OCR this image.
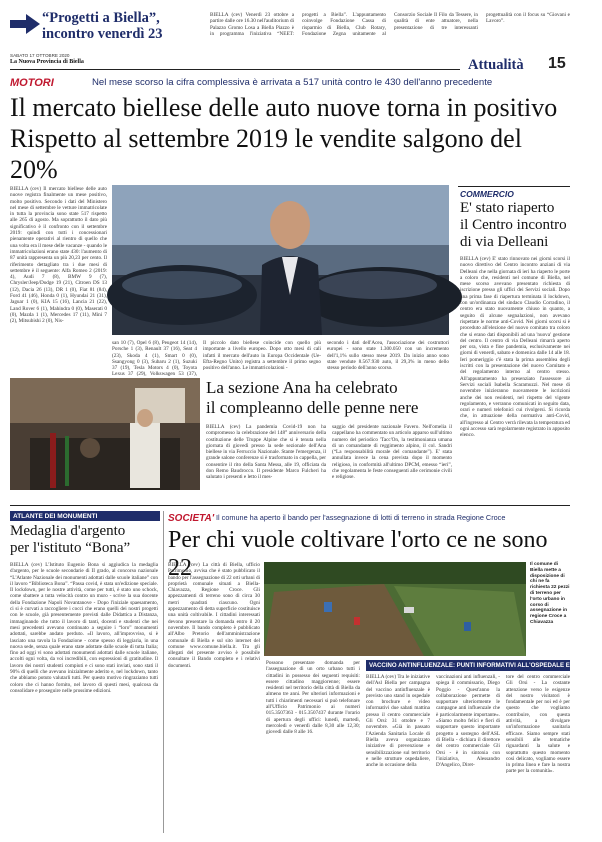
“Progetti a Biella”,
incontro venerdì 23
BIELLA (cev) Venerdì 23 ottobre a partire dalle ore 16.30 nell'auditorium di Palazzo Gromo Losa a Biella Piazzo è in programma l'iniziativa “NEET: progetti a Biella”. L'appuntamento coinvolge Fondazione Cassa di risparmio di Biella, Club Rotary, Fondazione Zegna unitamente al Consorzio Sociale Il Filo da Tessere, in qualità di ente attuatore, nella presentazione di tre interessanti progettualità con il focus su “Giovani e Lavoro”.
SABATO 17 OTTOBRE 2020
La Nuova Provincia di Biella	Attualità 15
MOTORI	Nel mese scorso la cifra complessiva è arrivata a 517 unità contro le 430 dell'anno precedente
Il mercato biellese delle auto nuove torna in positivo
Rispetto al settembre 2019 le vendite salgono del 20%
BIELLA (cev) Il mercato biellese delle auto nuove registra finalmente un mese positivo, molto positivo. Secondo i dati del Ministero nel mese di settembre le vetture immatricolate in tutta la provincia sono state 517 rispetto alle 265 di agosto. Ma soprattutto il dato più significativo è il confronto con il settembre 2019: quindi con tutti i concessionari pienamente operativi al rientro di quello che una volta era il mese delle vacanze - quando le immatricolazioni erano state 430: l'aumento di 87 unità rappresenta un più 20,23 per cento. Il riferimento dettagliato tra i due mesi di settembre è il seguente: Alfa Romeo 2 (2019: 4), Audi 7 (8), BMW 9 (7), Chrysler/Jeep/Dodge 19 (21), Citroen DS 13 (12), Dacia 26 (13), DR 1 (0), Fiat 81 (84), Ford 41 (46), Honda 0 (1), Hyundai 21 (31), Jaguar 1 (0), KIA 15 (16), Lancia 21 (22), Land Rover 6 (1), Mahindra 0 (0), Maserati 0 (0), Mazda 1 (1), Mercedes 17 (11), Mini 7 (2), Mitsubishi 2 (0), Nis-
san 10 (7), Opel 6 (8), Peugeot 14 (14), Porsche 1 (3), Renault 37 (16), Seat 4 (23), Skoda 4 (1), Smart 0 (0), Ssangyong 0 (3), Subaru 2 (1), Suzuki 37 (19), Tesla Motors 4 (0), Toyota Lexus 37 (29), Volkswagen 53 (37),
Il piccolo dato biellese coincide con quello più importante a livello europeo. Dopo otto mesi di cali infatti il mercato dell'auto in Europa Occidentale (Ue-Efta-Regno Unito) registra a settembre il primo segno positivo dell'anno. Le immatricolazioni -
secondo i dati dell'Acea, l'associazione dei costruttori europei - sono state 1.300.050 con un incremento dell'1,1% sullo stesso mese 2019. Da inizio anno sono state vendute 8.567.930 auto, il 29,3% in meno dello stesso periodo dell'anno scorso.
COMMERCIO
E' stato riaperto
il Centro incontro
di via Delleani
BIELLA (cev) E' stato rinnovato nei giorni scorsi il nuovo direttivo del Centro incontro anziani di via Delleani che nella giornata di ieri ha riaperto le porte a coloro che, residenti nel comune di Biella, nel mese scorso avevano presentato richiesta di iscrizione presso gli uffici dei Servizi sociali. Dopo una prima fase di riapertura terminata il lockdown, con un'ordinanza del sindaco Claudio Corradino, il centro era stato nuovamente chiuso in quanto, a seguito di alcune segnalazioni, non avevano rispettate le norme anti-Covid. Nei giorni scorsi si è proceduto all'elezione del nuovo comitato tra coloro che si erano dati disponibili ad una 'nuova' gestione del centro. Il centro di via Delleani rimarrà aperto per ora, vista e fine pandemia, esclusivamente nei giorni di venerdì, sabato e domenica dalle 14 alle 18. Ieri pomeriggio c'è stata la prima assemblea degli iscritti con la presentazione del nuovo Comitato e del regolamento interno al centro stesso. All'appuntamento ha presenziato l'assessore ai Servizi sociali Isabella Scaramuzzi. Nel mese di novembre inizieranno nuovamente le iscrizioni anche dei non residenti, nel rispetto del vigente regolamento, e verranno comunicati in seguito data, orari e numeri telefonici cui rivolgersi. Si ricorda che, in attuazione della normativa anti-Covid, all'ingresso al Centro verrà rilevata la temperatura ed ogni accesso sarà regolarmente registrato in apposito elenco.
La sezione Ana ha celebrato
il compleanno delle penne nere
BIELLA (cev) La pandemia Covid-19 non ha compromesso la celebrazione del 148° anniversario della costituzione delle Truppe Alpine che si è tenuta nella giornata di giovedì presso la sede sezionale dell'Ana biellese in via Ferruccio Nazionale. Stante l'emergenza, il grande salone conferenze si è trasformato in cappella, per consentire il rito della Santa Messa, alle 19, officiata da don Remo Baudrocco. Il presidente Marco Fulcheri ha salutato i presenti e letto il mes-
saggio del presidente nazionale Favero. Nell'omelia il cappellano ha commentato un articolo apparso sull'ultimo numero del periodico 'Tacc'On, la testimonianza umana di un comandante di reggimento alpino, il col. Sandri (“La responsabilità morale del comandante”). E' stata annullata invece la cena prevista dopo il momento religioso, in conformità all'ultimo DPCM, emesso “ieri”, che regolamenta le feste conseguenti alle cerimonie civili e religiose.
ATLANTE DEI MONUMENTI
Medaglia d'argento
per l'istituto “Bona”
BIELLA (cev) L'Istituto Eugenio Bona si aggiudica la medaglia d'argento, per le scuole secondarie di II grado, al concorso nazionale “L'Atlante Nazionale dei monumenti adottati dalle scuole italiane” con il lavoro “Biblioteca Bona”. “Passa covid, è stata un'edizione speciale. Il lockdown, per le nostre attività, come per tutti, è stato uno schock, come sbattere a tutta velocità contro un muro - scrive la sua docente della Fondazione Napoli Novantanove - Dopo l'iniziale spaesamento, ci si è curvati a raccogliere i cocci che erano quelli dei nostri progetti con le scuole, già presentemente previsti dalle Didattica a Distanza, immaginando che tutto il lavoro di tanti, docenti e studenti che nei mesi precedenti avevano continuato a seguire i “loro” monumenti adottati, sarebbe andato perduto. «Il lavoro, all'improvviso, si è lasciato una tavola la Fondazione - come spesso di leggiaria, in una nuova sede, senza quale erano state adottate dalle scuole di tutta Italia; fino ad oggi vi sono adottati monumenti adottati dalle scuole italiane, accolti ogni volta, da voi incredibili, con espressioni di gratitudine. Il lavoro dei nostri studenti compiuti e ci sono stati inviati, sono stati il 90% di quelli che avevano inizialmente aderito e, nel lockdown, tanto che abbiamo potuto valutarli tutti. Per questo motivo ringraziamo tutti coloro che ci hanno fornito, nel lavoro di questi mesi, qualcosa da consolidare e proseguire nelle prossime edizioni.
SOCIETA' Il comune ha aperto il bando per l'assegnazione di lotti di terreno in strada Regione Croce
Per chi vuole coltivare l'orto ce ne sono 22
BIELLA (cev) La città di Biella, ufficio Patrimonio, avvisa che è stato pubblicato il bando per l'assegnazione di 22 orti urbani di proprietà comunale situati a Biella-Chiavazza, Regione Croce. Gli appezzamenti di terreno sono di circa 30 metri quadrati ciascuno. Ogni appezzamento di detta superficie costituisce una unità coltivabile. I cittadini interessati devono presentare la domanda entro il 20 novembre. Il bando completo è pubblicato all'Albo Pretorio dell'amministrazione comunale di Biella e sul sito internet del comune www.comune.biella.it. Tra gli allegati del presente avviso è possibile consultare il Bando completo e i relativi documenti.	Possono presentare domanda per l'assegnazione di un orto urbano tutti i cittadini in possesso dei seguenti requisiti: essere cittadino maggiorenne; essere residenti nel territorio della città di Biella da almeno tre anni. Per ulteriori informazioni e tutti i chiarimenti necessari si può telefonare all'Ufficio Patrimonio ai numeri 015.3507363 - 015.3507437 durante l'orario di apertura degli uffici: lunedì, martedì, mercoledì e venerdì dalle 8,30 alle 12,30; giovedì dalle 8 alle 16.
Il comune di Biella mette a disposizione di chi ne fa richiesta 22 pezzi di terreno per l'orto urbano in corso di assegnazione in regione Croce a Chiavazza
VACCINO ANTINFLUENZALE: PUNTI INFORMATIVI ALL'OSPEDALE E AGLI ORSI
BIELLA (cev) Tra le iniziative dell'Asl Biella per campagna del vaccino antinfluenzale è previsto uno stand in ospedale con brochure e video informativi due sabati mattina presso il centro commerciale Gli Orsi: 31 ottobre e 7 novembre. «Già in passato l'Azienda Sanitaria Locale di Biella aveva organizzato iniziative di prevenzione e sensibilizzazione sul territorio e nelle strutture ospedaliere, anche in occasione della
vaccinazioni anti influenzali, - spiega il commissario, Diego Poggio - Quest'anno la collaborazione permette di supportare ulteriormente le campagne anti influenzale che è particolarmente importante». «Siamo molto felici e fieri di supportare questo importante progetto a sostegno dell'ASL di Biella - dichiara il direttore del centro commerciale Gli Orsi - è in sintonia con l'iniziativa, Alessandro D'Angelico, Diret-
tore del centro commerciale Gli Orsi - La costante attenzione verso le esigenze del nostro visitatori è fondamentale per noi ed è per questo che vogliamo contribuire, con questa attività, a divulgare un'informazione sanitaria efficace. Siamo sempre stati sensibili alle tematiche riguardanti la salute e soprattutto questo momento così delicato, vogliamo essere in prima linea e fare la nostra parte per la comunità».
